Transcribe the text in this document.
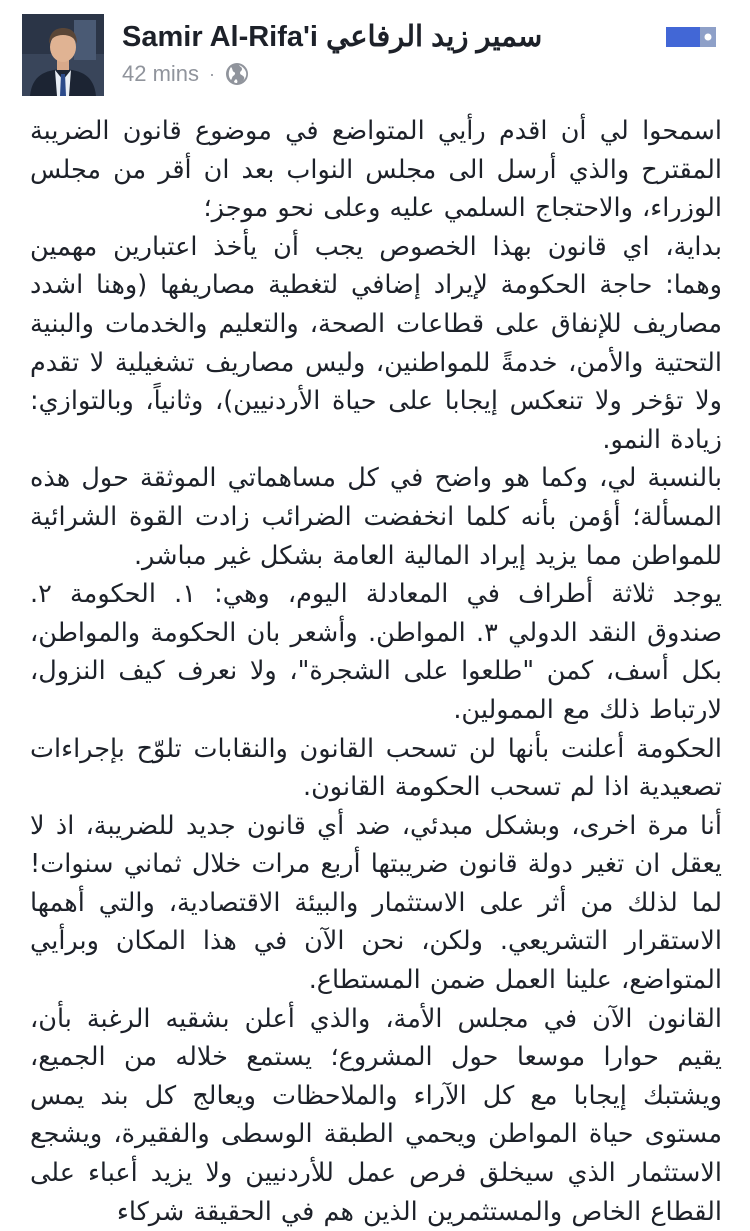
Samir Al-Rifa'i سمير زيد الرفاعي
42 mins ·
اسمحوا لي أن اقدم رأيي المتواضع في موضوع قانون الضريبة المقترح والذي أرسل الى مجلس النواب بعد ان أقر من مجلس الوزراء، والاحتجاج السلمي عليه وعلى نحو موجز؛
بداية، اي قانون بهذا الخصوص يجب أن يأخذ اعتبارين مهمين وهما: حاجة الحكومة لإيراد إضافي لتغطية مصاريفها (وهنا اشدد مصاريف للإنفاق على قطاعات الصحة، والتعليم والخدمات والبنية التحتية والأمن، خدمةً للمواطنين، وليس مصاريف تشغيلية لا تقدم ولا تؤخر ولا تنعكس إيجابا على حياة الأردنيين)، وثانياً، وبالتوازي: زيادة النمو.
بالنسبة لي، وكما هو واضح في كل مساهماتي الموثقة حول هذه المسألة؛ أؤمن بأنه كلما انخفضت الضرائب زادت القوة الشرائية للمواطن مما يزيد إيراد المالية العامة بشكل غير مباشر.
يوجد ثلاثة أطراف في المعادلة اليوم، وهي: ١. الحكومة ٢. صندوق النقد الدولي ٣. المواطن. وأشعر بان الحكومة والمواطن، بكل أسف، كمن "طلعوا على الشجرة"، ولا نعرف كيف النزول، لارتباط ذلك مع الممولين.
الحكومة أعلنت بأنها لن تسحب القانون والنقابات تلوّح بإجراءات تصعيدية اذا لم تسحب الحكومة القانون.
أنا مرة اخرى، وبشكل مبدئي، ضد أي قانون جديد للضريبة، اذ لا يعقل ان تغير دولة قانون ضريبتها أربع مرات خلال ثماني سنوات! لما لذلك من أثر على الاستثمار والبيئة الاقتصادية، والتي أهمها الاستقرار التشريعي. ولكن، نحن الآن في هذا المكان وبرأيي المتواضع، علينا العمل ضمن المستطاع.
القانون الآن في مجلس الأمة، والذي أعلن بشقيه الرغبة بأن، يقيم حوارا موسعا حول المشروع؛ يستمع خلاله من الجميع، ويشتبك إيجابا مع كل الآراء والملاحظات ويعالج كل بند يمس مستوى حياة المواطن ويحمي الطبقة الوسطى والفقيرة، ويشجع الاستثمار الذي سيخلق فرص عمل للأردنيين ولا يزيد أعباء على القطاع الخاص والمستثمرين الذين هم في الحقيقة شركاء
